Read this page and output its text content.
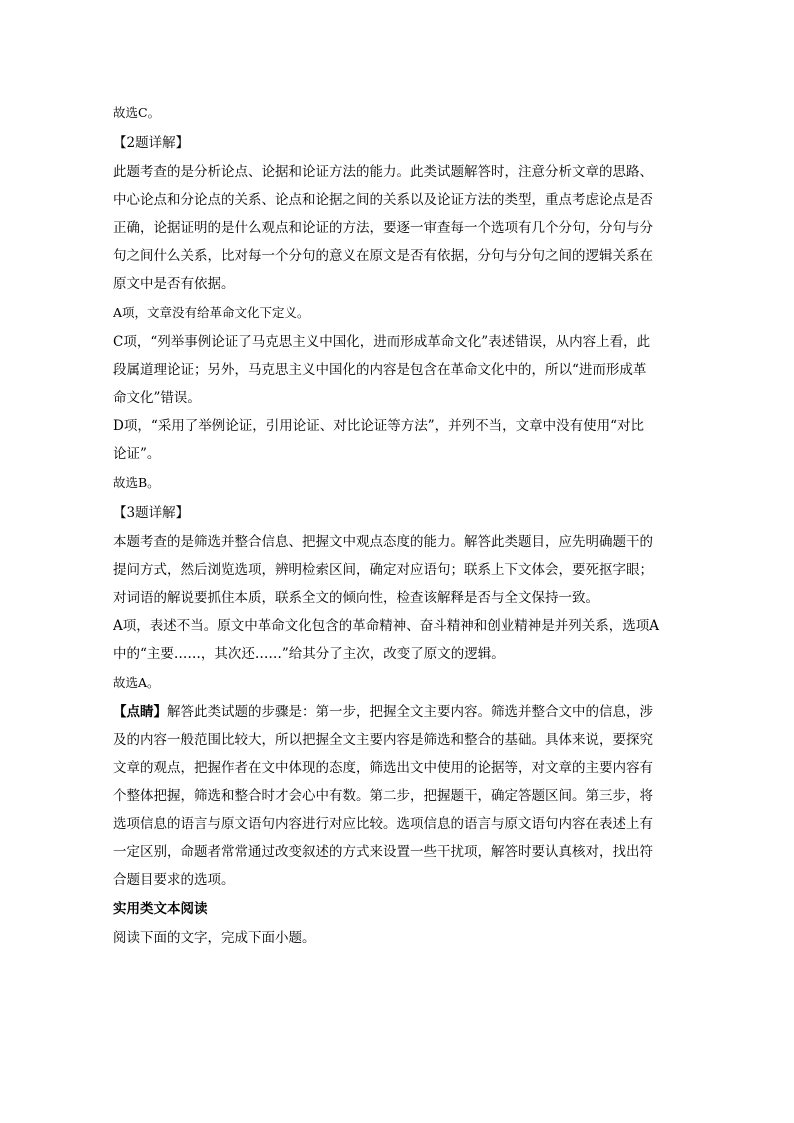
故选C。
【2题详解】
此题考查的是分析论点、论据和论证方法的能力。此类试题解答时，注意分析文章的思路、
中心论点和分论点的关系、论点和论据之间的关系以及论证方法的类型，重点考虑论点是否
正确，论据证明的是什么观点和论证的方法，要逐一审查每一个选项有几个分句，分句与分
句之间什么关系，比对每一个分句的意义在原文是否有依据，分句与分句之间的逻辑关系在
原文中是否有依据。
A项，文章没有给革命文化下定义。
C项，“列举事例论证了马克思主义中国化，进而形成革命文化”表述错误，从内容上看，此
段属道理论证；另外，马克思主义中国化的内容是包含在革命文化中的，所以“进而形成革
命文化”错误。
D项，“采用了举例论证，引用论证、对比论证等方法”，并列不当，文章中没有使用“对比
论证”。
故选B。
【3题详解】
本题考查的是筛选并整合信息、把握文中观点态度的能力。解答此类题目，应先明确题干的
提问方式，然后浏览选项，辨明检索区间，确定对应语句；联系上下文体会，要死抠字眼；
对词语的解说要抓住本质，联系全文的倾向性，检查该解释是否与全文保持一致。
A项，表述不当。原文中革命文化包含的革命精神、奋斗精神和创业精神是并列关系，选项A
中的“主要……，其次还……”给其分了主次，改变了原文的逻辑。
故选A。
【点睛】解答此类试题的步骤是：第一步，把握全文主要内容。筛选并整合文中的信息，涉
及的内容一般范围比较大，所以把握全文主要内容是筛选和整合的基础。具体来说，要探究
文章的观点，把握作者在文中体现的态度，筛选出文中使用的论据等，对文章的主要内容有
个整体把握，筛选和整合时才会心中有数。第二步，把握题干，确定答题区间。第三步，将
选项信息的语言与原文语句内容进行对应比较。选项信息的语言与原文语句内容在表述上有
一定区别，命题者常常通过改变叙述的方式来设置一些干扰项，解答时要认真核对，找出符
合题目要求的选项。
实用类文本阅读
阅读下面的文字，完成下面小题。
